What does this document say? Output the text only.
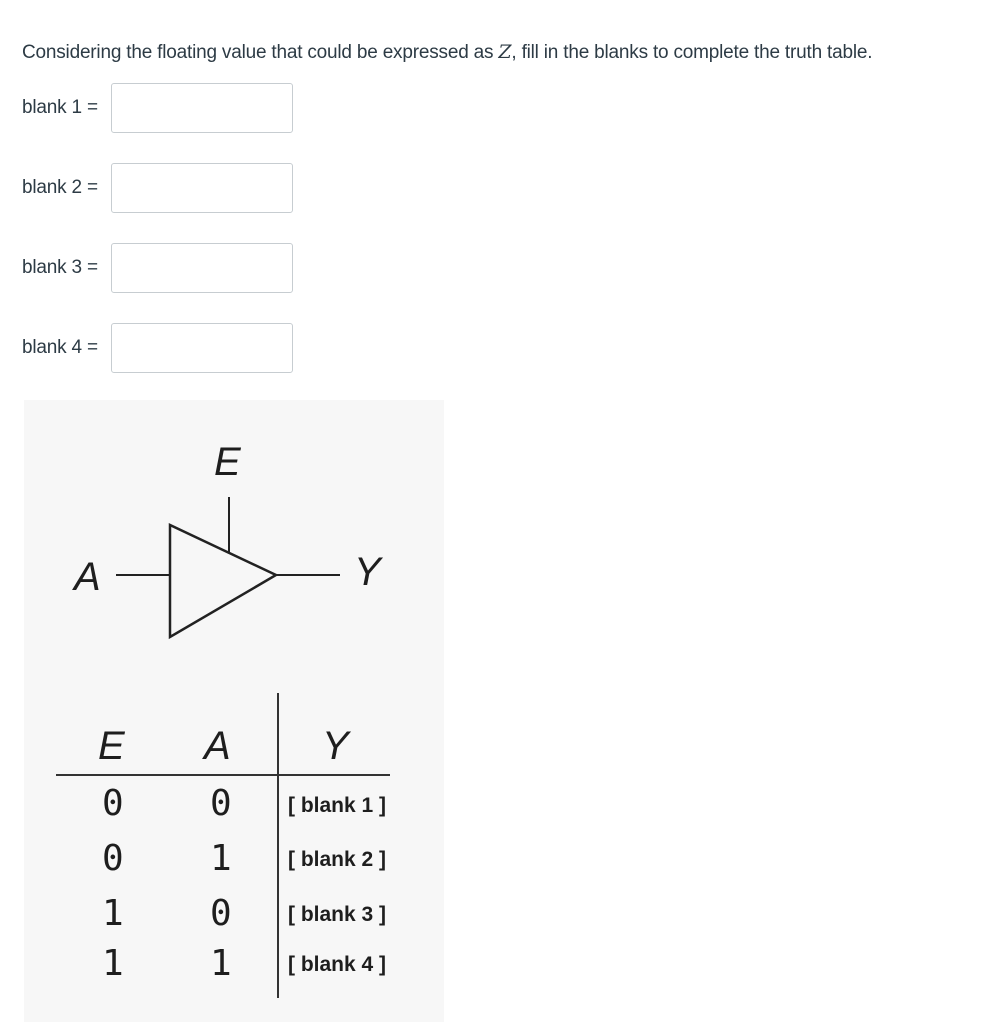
Considering the floating value that could be expressed as Z, fill in the blanks to complete the truth table.
blank 1 =
blank 2 =
blank 3 =
blank 4 =
E
A	Y
E A Y
0 0	[ blank 1 ]
0 1	[ blank 2 ]
1 0	[ blank 3 ]
1 1	[ blank 4 ]
